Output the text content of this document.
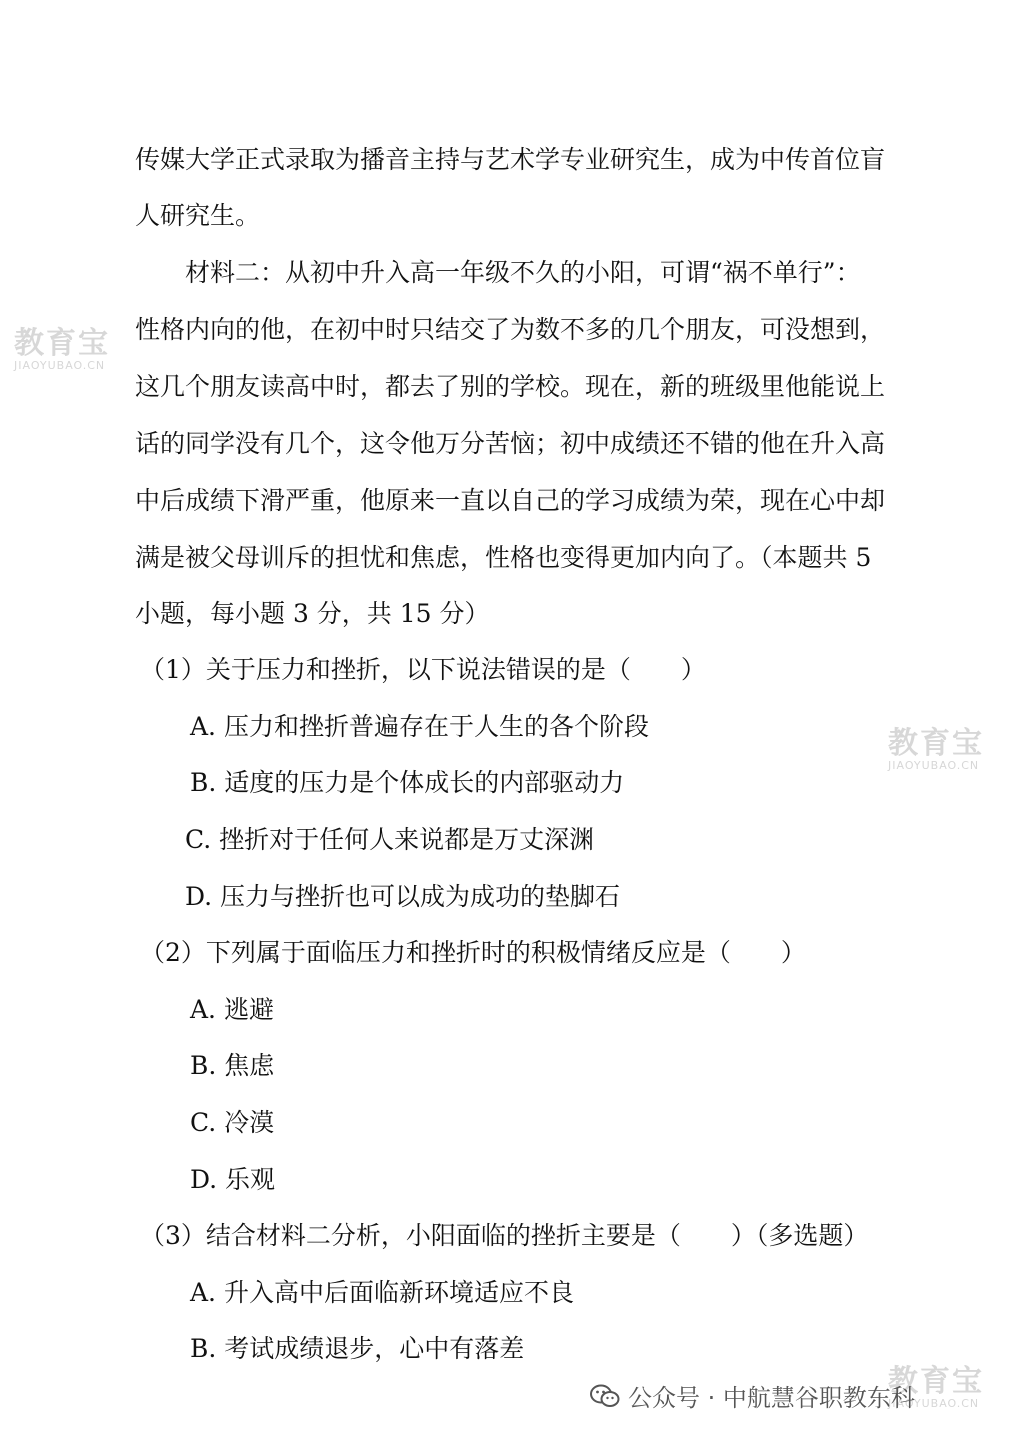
传媒大学正式录取为播音主持与艺术学专业研究生，成为中传首位盲
人研究生。
材料二：从初中升入高一年级不久的小阳，可谓“祸不单行”：
性格内向的他，在初中时只结交了为数不多的几个朋友，可没想到，
这几个朋友读高中时，都去了别的学校。现在，新的班级里他能说上
话的同学没有几个，这令他万分苦恼；初中成绩还不错的他在升入高
中后成绩下滑严重，他原来一直以自己的学习成绩为荣，现在心中却
满是被父母训斥的担忧和焦虑，性格也变得更加内向了。（本题共 5
小题，每小题 3 分，共 15 分）
（1）关于压力和挫折，以下说法错误的是（　　）
A. 压力和挫折普遍存在于人生的各个阶段
B. 适度的压力是个体成长的内部驱动力
C. 挫折对于任何人来说都是万丈深渊
D. 压力与挫折也可以成为成功的垫脚石
（2）下列属于面临压力和挫折时的积极情绪反应是（　　）
A. 逃避
B. 焦虑
C. 冷漠
D. 乐观
（3）结合材料二分析，小阳面临的挫折主要是（　　）（多选题）
A. 升入高中后面临新环境适应不良
B. 考试成绩退步，心中有落差
教育宝
JIAOYUBAO.CN
教育宝
JIAOYUBAO.CN
教育宝
JIAOYUBAO.CN
公众号 · 中航慧谷职教东科
